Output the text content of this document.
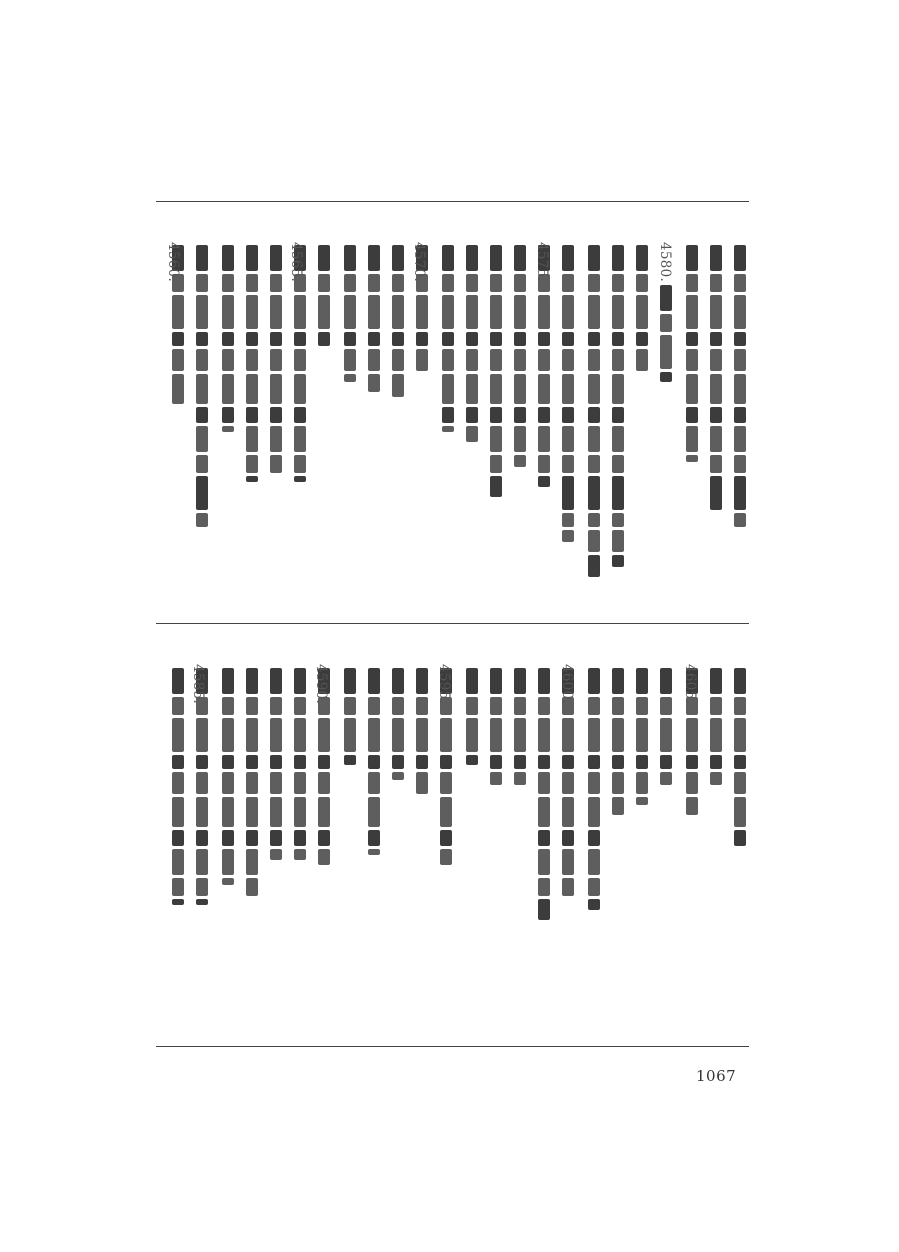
4580.
4575.
4570.
4565.
4560.
4605.
4600.
4595.
4590.
4585.
1067
